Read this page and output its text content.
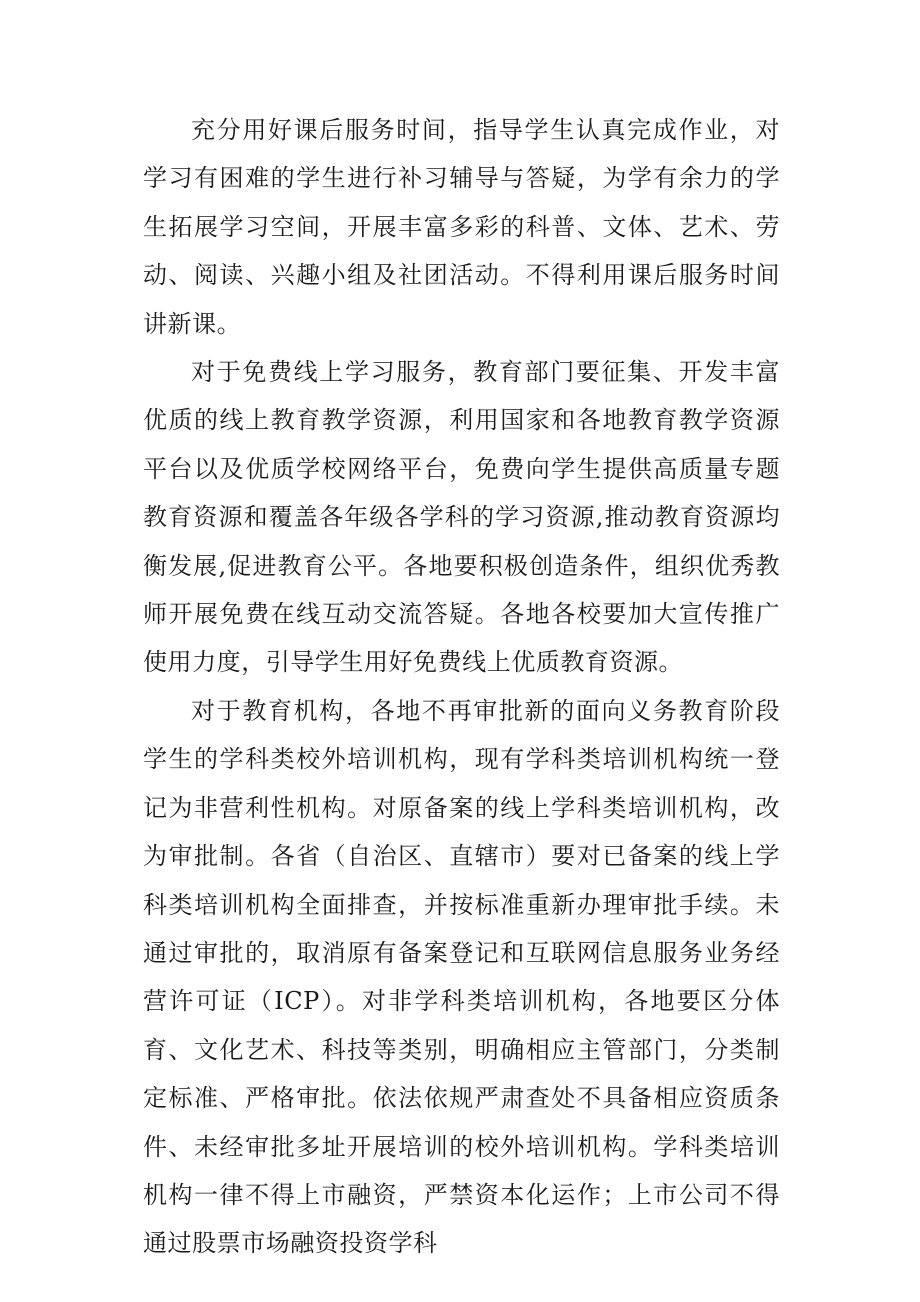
充分用好课后服务时间，指导学生认真完成作业，对学习有困难的学生进行补习辅导与答疑，为学有余力的学生拓展学习空间，开展丰富多彩的科普、文体、艺术、劳动、阅读、兴趣小组及社团活动。不得利用课后服务时间讲新课。

对于免费线上学习服务，教育部门要征集、开发丰富优质的线上教育教学资源，利用国家和各地教育教学资源平台以及优质学校网络平台，免费向学生提供高质量专题教育资源和覆盖各年级各学科的学习资源,推动教育资源均衡发展,促进教育公平。各地要积极创造条件，组织优秀教师开展免费在线互动交流答疑。各地各校要加大宣传推广使用力度，引导学生用好免费线上优质教育资源。

对于教育机构，各地不再审批新的面向义务教育阶段学生的学科类校外培训机构，现有学科类培训机构统一登记为非营利性机构。对原备案的线上学科类培训机构，改为审批制。各省（自治区、直辖市）要对已备案的线上学科类培训机构全面排查，并按标准重新办理审批手续。未通过审批的，取消原有备案登记和互联网信息服务业务经营许可证（ICP）。对非学科类培训机构，各地要区分体育、文化艺术、科技等类别，明确相应主管部门，分类制定标准、严格审批。依法依规严肃查处不具备相应资质条件、未经审批多址开展培训的校外培训机构。学科类培训机构一律不得上市融资，严禁资本化运作；上市公司不得通过股票市场融资投资学科
